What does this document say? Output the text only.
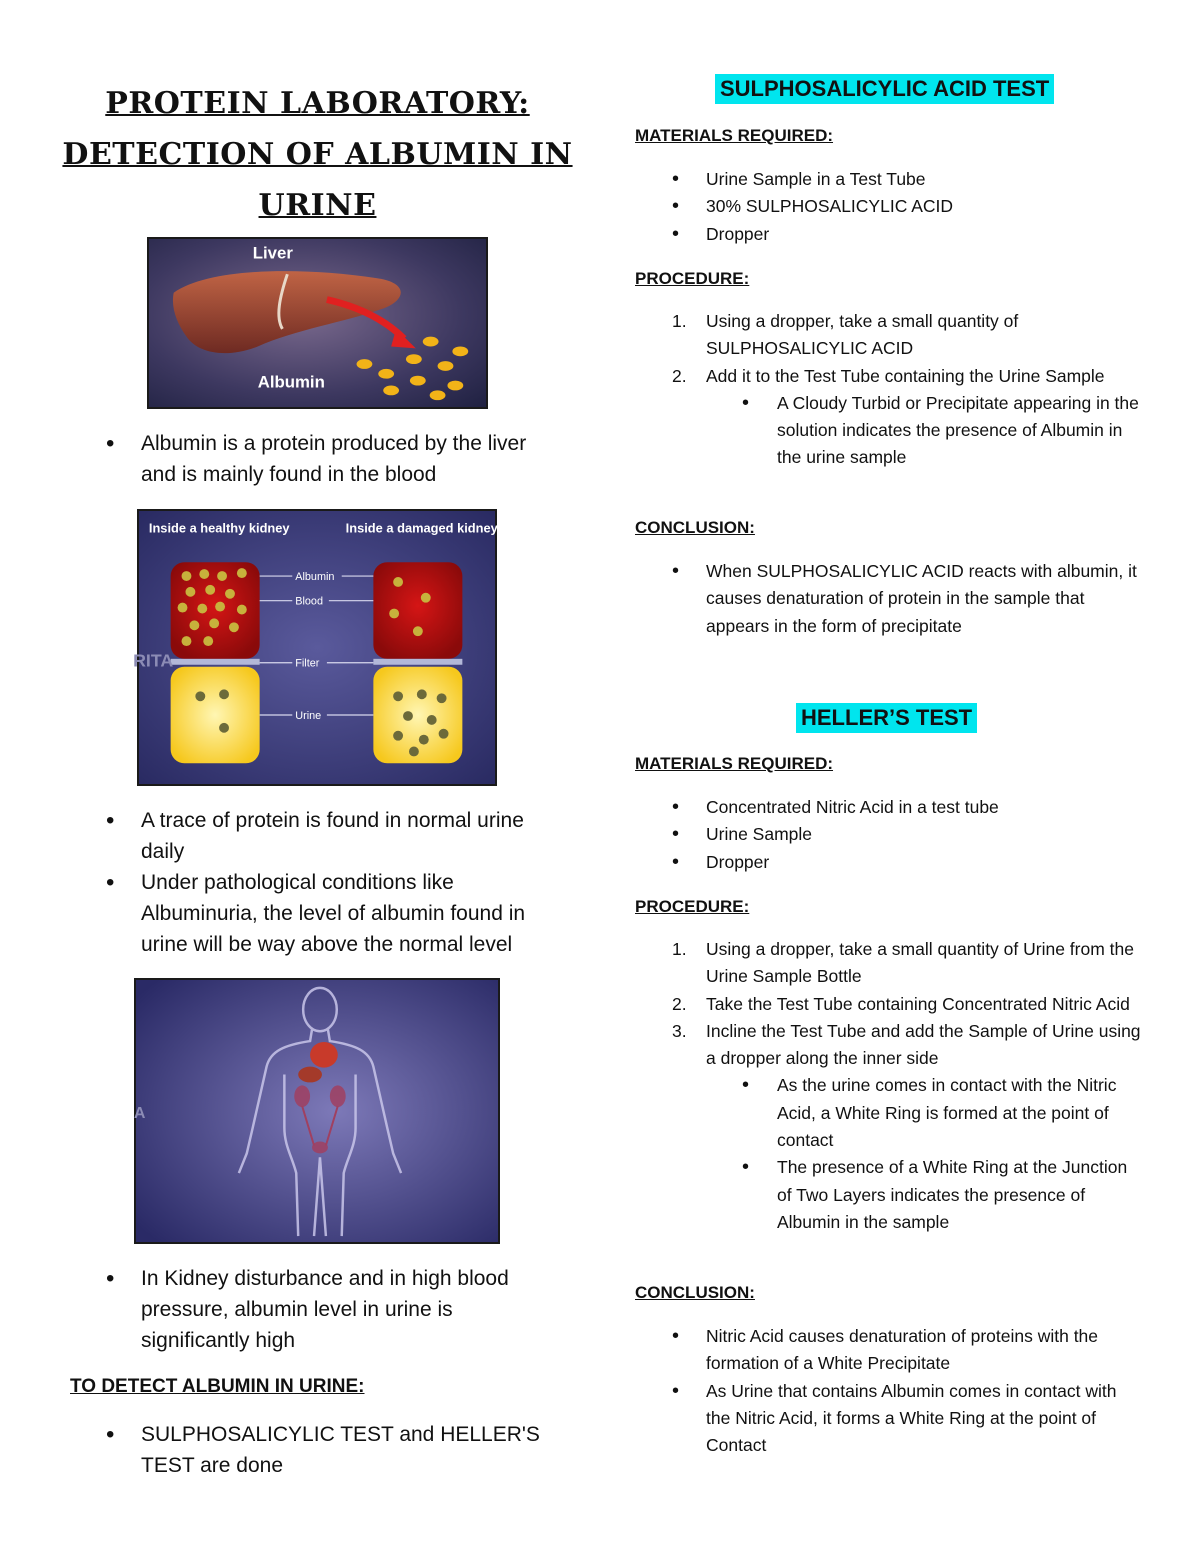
PROTEIN LABORATORY:
DETECTION OF ALBUMIN IN
URINE
Liver
Albumin
• Albumin is a protein produced by the liver and is mainly found in the blood
Inside a healthy kidney	Inside a damaged kidney
Albumin
Blood
Filter
Urine
RITA
• A trace of protein is found in normal urine daily
• Under pathological conditions like Albuminuria, the level of albumin found in urine will be way above the normal level
A
• In Kidney disturbance and in high blood pressure, albumin level in urine is significantly high
TO DETECT ALBUMIN IN URINE:
• SULPHOSALICYLIC TEST and HELLER'S TEST are done
SULPHOSALICYLIC ACID TEST
MATERIALS REQUIRED:
• Urine Sample in a Test Tube
• 30% SULPHOSALICYLIC ACID
• Dropper
PROCEDURE:
1. Using a dropper, take a small quantity of SULPHOSALICYLIC ACID
2. Add it to the Test Tube containing the Urine Sample
• A Cloudy Turbid or Precipitate appearing in the solution indicates the presence of Albumin in the urine sample
CONCLUSION:
• When SULPHOSALICYLIC ACID reacts with albumin, it causes denaturation of protein in the sample that appears in the form of precipitate
HELLER’S TEST
MATERIALS REQUIRED:
• Concentrated Nitric Acid in a test tube
• Urine Sample
• Dropper
PROCEDURE:
1. Using a dropper, take a small quantity of Urine from the Urine Sample Bottle
2. Take the Test Tube containing Concentrated Nitric Acid
3. Incline the Test Tube and add the Sample of Urine using a dropper along the inner side
• As the urine comes in contact with the Nitric Acid, a White Ring is formed at the point of contact
• The presence of a White Ring at the Junction of Two Layers indicates the presence of Albumin in the sample
CONCLUSION:
• Nitric Acid causes denaturation of proteins with the formation of a White Precipitate
• As Urine that contains Albumin comes in contact with the Nitric Acid, it forms a White Ring at the point of Contact
